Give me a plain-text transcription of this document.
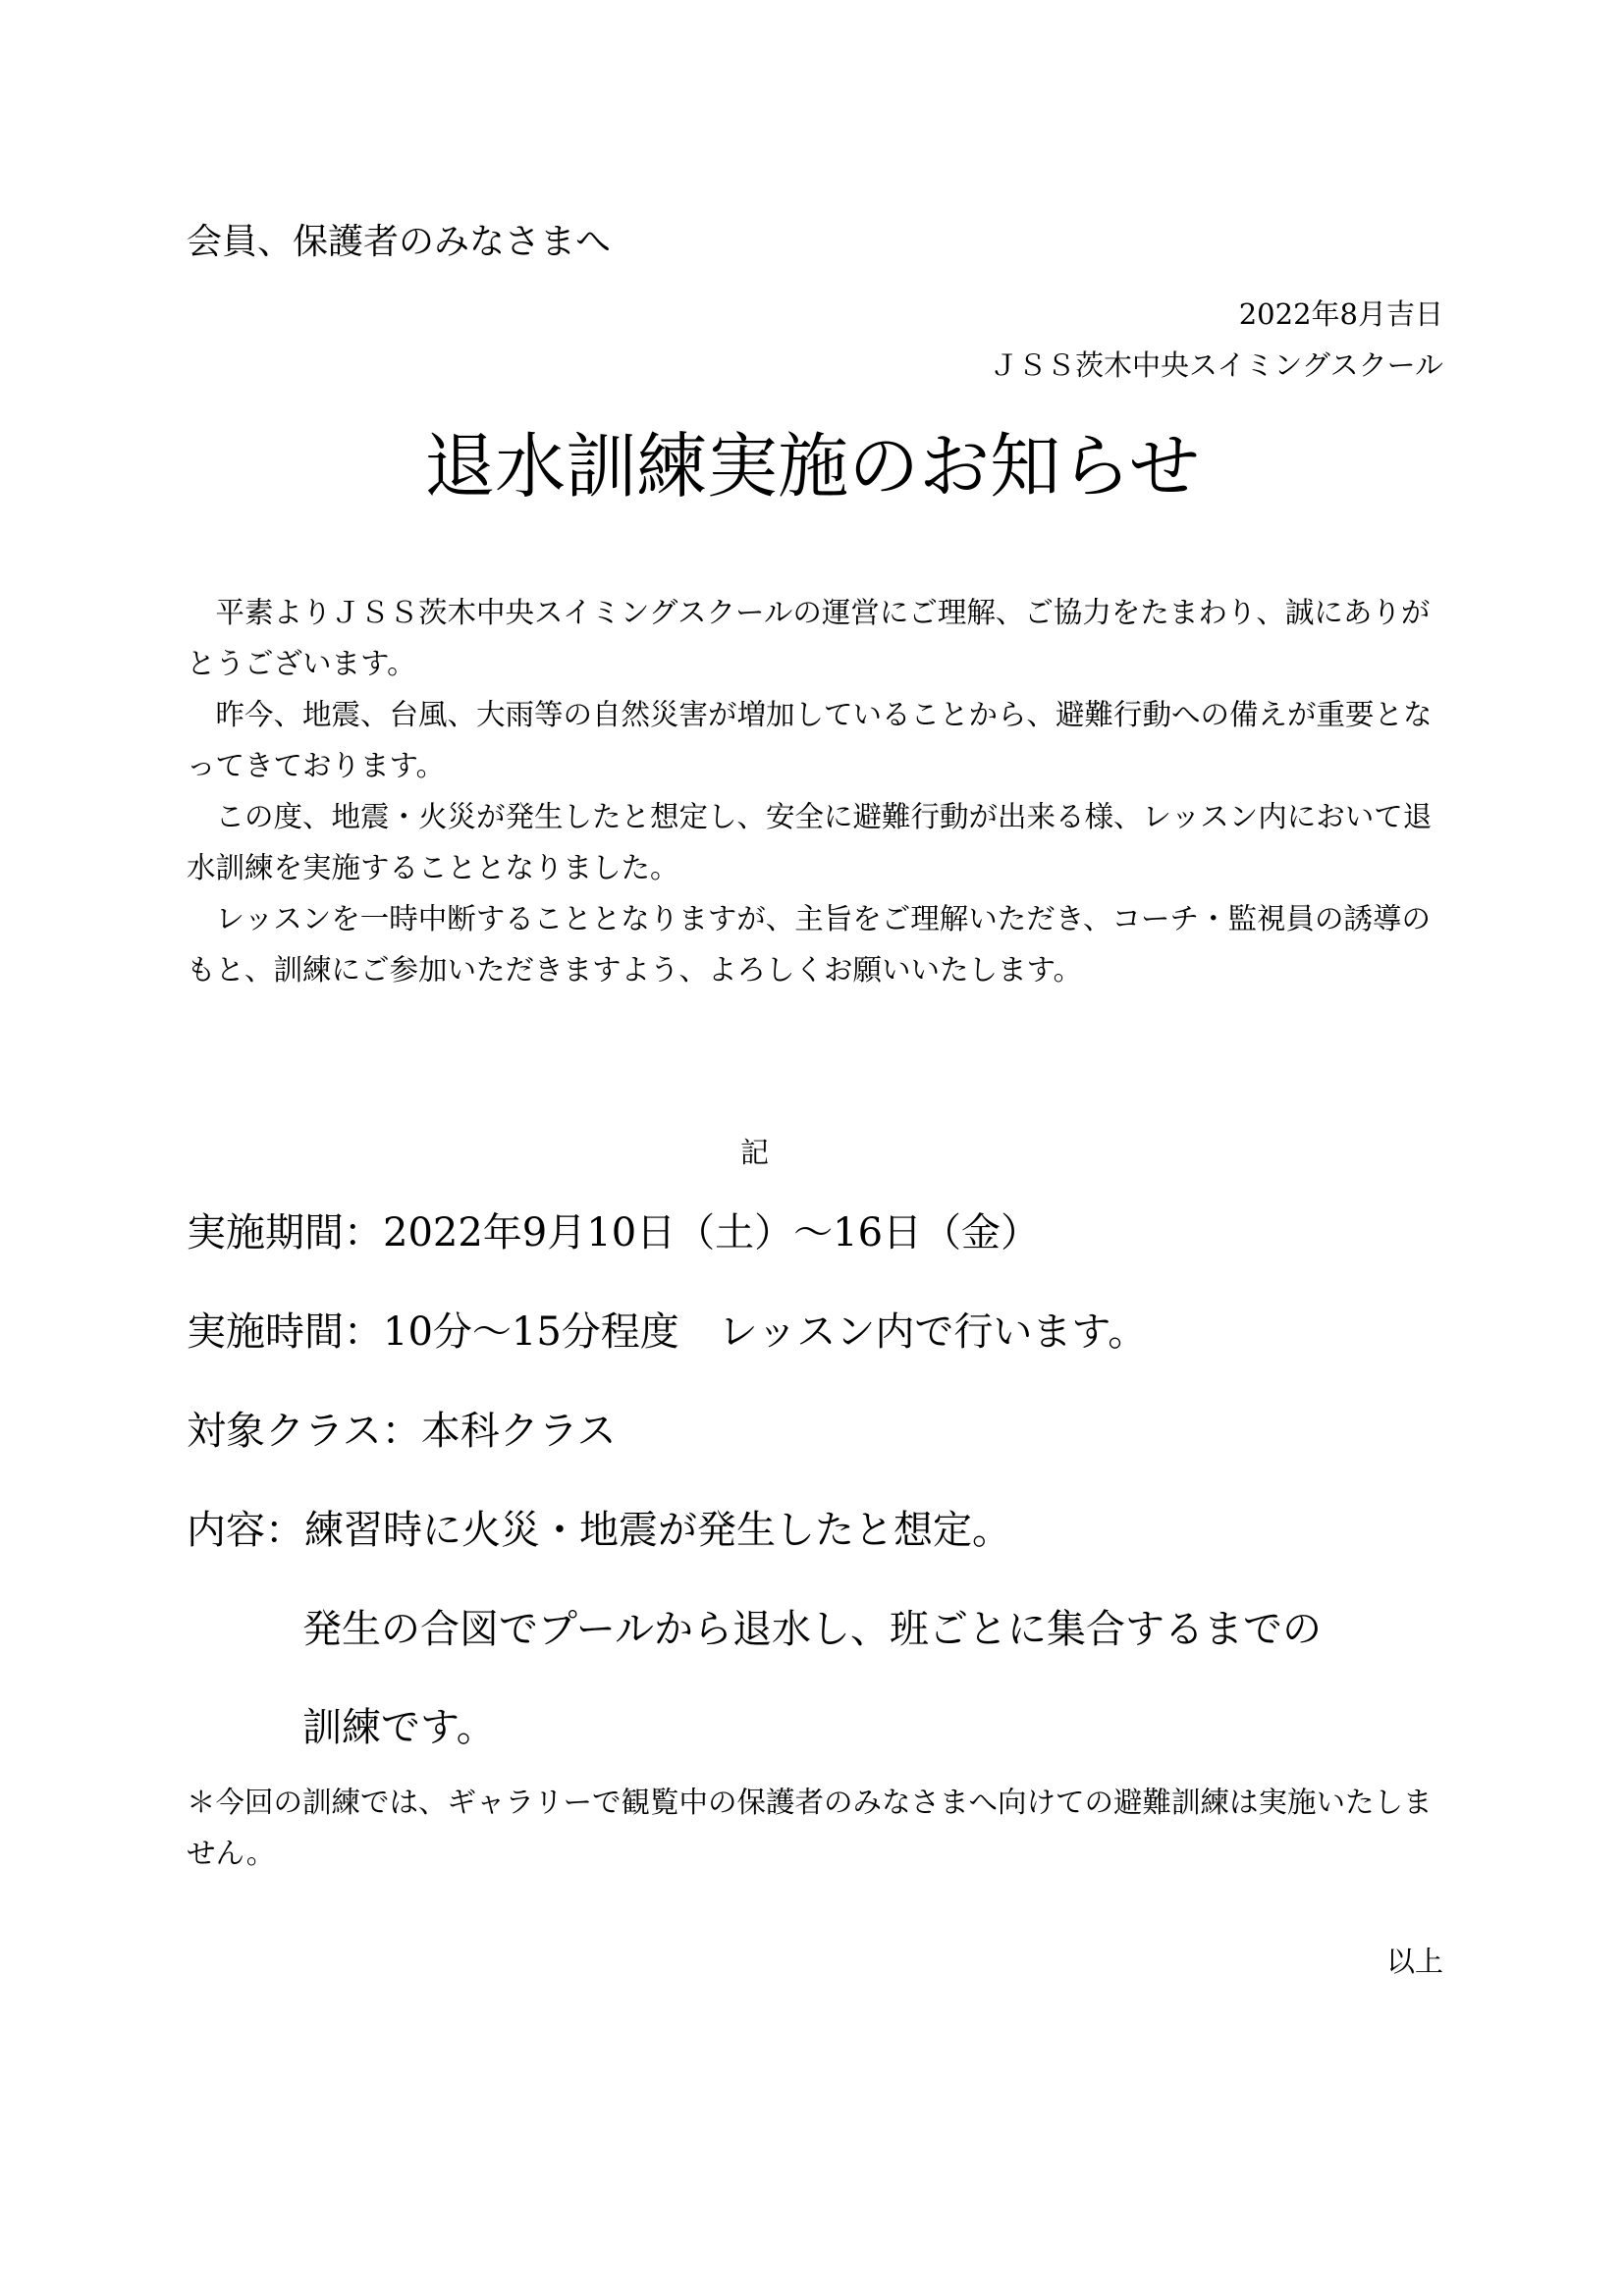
会員、保護者のみなさまへ
2022年8月吉日
ＪＳＳ茨木中央スイミングスクール
退水訓練実施のお知らせ

平素よりＪＳＳ茨木中央スイミングスクールの運営にご理解、ご協力をたまわり、誠にありがとうございます。

昨今、地震、台風、大雨等の自然災害が増加していることから、避難行動への備えが重要となってきております。

この度、地震・火災が発生したと想定し、安全に避難行動が出来る様、レッスン内において退水訓練を実施することとなりました。

レッスンを一時中断することとなりますが、主旨をご理解いただき、コーチ・監視員の誘導のもと、訓練にご参加いただきますよう、よろしくお願いいたします。

記
実施期間：2022年9月10日（土）～16日（金）
実施時間：10分～15分程度　レッスン内で行います。
対象クラス：本科クラス
内容：練習時に火災・地震が発生したと想定。
発生の合図でプールから退水し、班ごとに集合するまでの
訓練です。
＊今回の訓練では、ギャラリーで観覧中の保護者のみなさまへ向けての避難訓練は実施いたしません。
以上
